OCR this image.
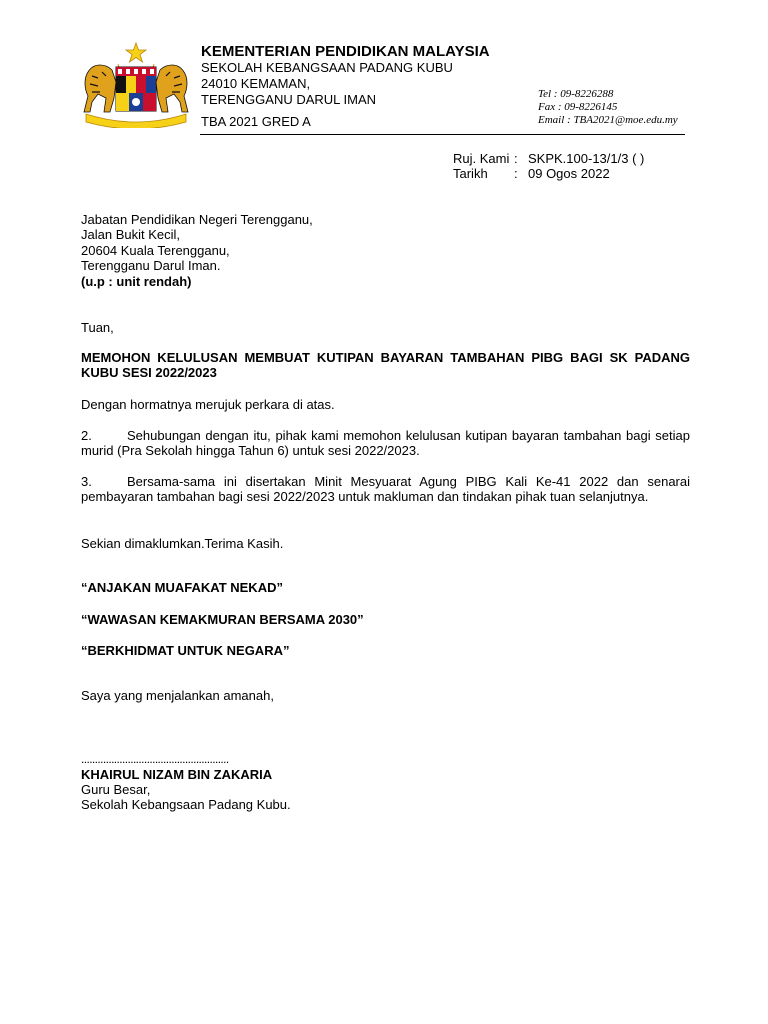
KEMENTERIAN PENDIDIKAN MALAYSIA
SEKOLAH KEBANGSAAN PADANG KUBU
24010 KEMAMAN,
TERENGGANU DARUL IMAN
TBA 2021 GRED A
Tel : 09-8226288
Fax : 09-8226145
Email : TBA2021@moe.edu.my
Ruj. Kami : SKPK.100-13/1/3 ( )
Tarikh	: 09 Ogos 2022
Jabatan Pendidikan Negeri Terengganu,
Jalan Bukit Kecil,
20604 Kuala Terengganu,
Terengganu Darul Iman.
(u.p : unit rendah)
Tuan,
MEMOHON KELULUSAN MEMBUAT KUTIPAN BAYARAN TAMBAHAN PIBG BAGI SK PADANG KUBU SESI 2022/2023
Dengan hormatnya merujuk perkara di atas.
2.	Sehubungan dengan itu, pihak kami memohon kelulusan kutipan bayaran tambahan bagi setiap murid (Pra Sekolah hingga Tahun 6) untuk sesi 2022/2023.
3.	Bersama-sama ini disertakan Minit Mesyuarat Agung PIBG Kali Ke-41 2022 dan senarai pembayaran tambahan bagi sesi 2022/2023 untuk makluman dan tindakan pihak tuan selanjutnya.
Sekian dimaklumkan.Terima Kasih.
“ANJAKAN MUAFAKAT NEKAD”
“WAWASAN KEMAKMURAN BERSAMA 2030”
“BERKHIDMAT UNTUK NEGARA”
Saya yang menjalankan amanah,
......................................................
KHAIRUL NIZAM BIN ZAKARIA
Guru Besar,
Sekolah Kebangsaan Padang Kubu.
